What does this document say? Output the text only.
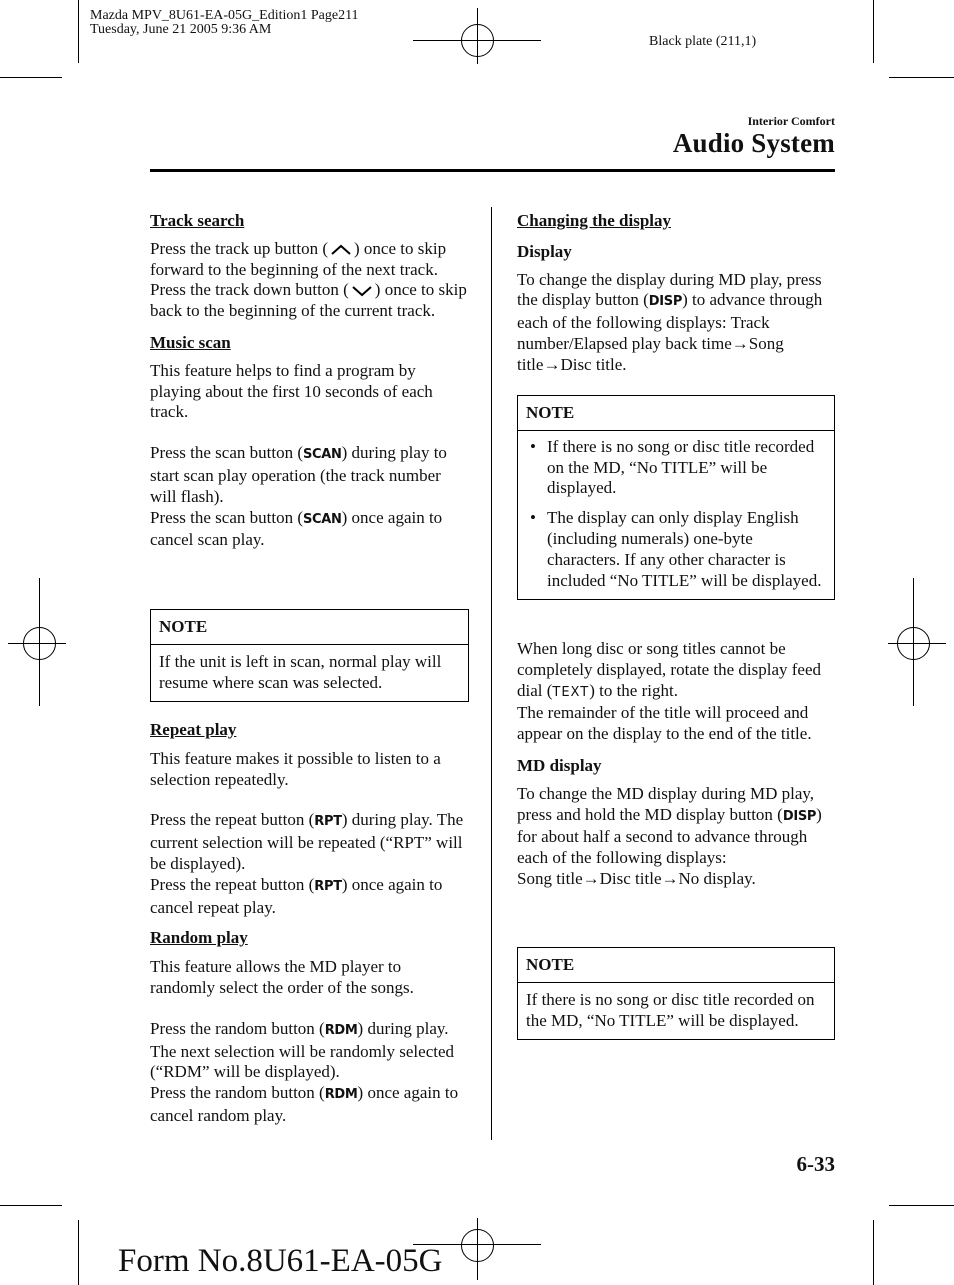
Mazda MPV_8U61-EA-05G_Edition1 Page211
Tuesday, June 21 2005 9:36 AM
Black plate (211,1)
Interior Comfort
Audio System

Track search

Press the track up button ( ) once to skip forward to the beginning of the next track.

Press the track down button ( ) once to skip back to the beginning of the current track.

Music scan

This feature helps to find a program by playing about the first 10 seconds of each track.

Press the scan button (SCAN) during play to start scan play operation (the track number will flash).

Press the scan button (SCAN) once again to cancel scan play.

NOTE
If the unit is left in scan, normal play will resume where scan was selected.

Repeat play

This feature makes it possible to listen to a selection repeatedly.

Press the repeat button (RPT) during play. The current selection will be repeated (“RPT” will be displayed).

Press the repeat button (RPT) once again to cancel repeat play.

Random play

This feature allows the MD player to randomly select the order of the songs.

Press the random button (RDM) during play. The next selection will be randomly selected (“RDM” will be displayed).

Press the random button (RDM) once again to cancel random play.

Changing the display

Display

To change the display during MD play, press the display button (DISP) to advance through each of the following displays: Track number/Elapsed play back time→Song title→Disc title.

NOTE
• If there is no song or disc title recorded on the MD, “No TITLE” will be displayed.
• The display can only display English (including numerals) one-byte characters. If any other character is included “No TITLE” will be displayed.

When long disc or song titles cannot be completely displayed, rotate the display feed dial (TEXT) to the right.

The remainder of the title will proceed and appear on the display to the end of the title.

MD display

To change the MD display during MD play, press and hold the MD display button (DISP) for about half a second to advance through each of the following displays:

Song title→Disc title→No display.

NOTE
If there is no song or disc title recorded on the MD, “No TITLE” will be displayed.
6-33
Form No.8U61-EA-05G
